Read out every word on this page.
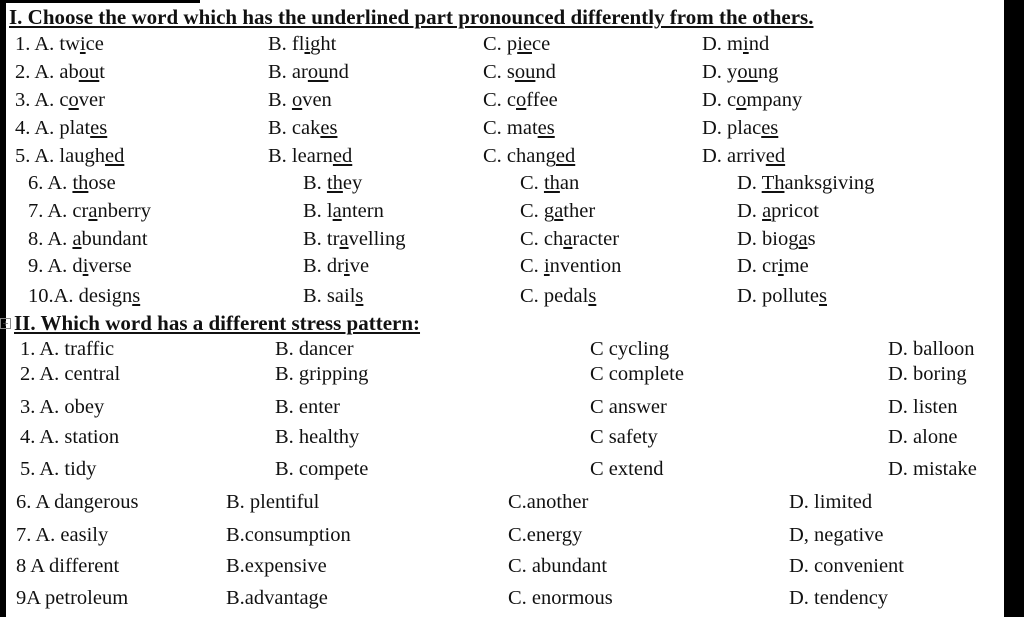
I. Choose the word which has the underlined part pronounced differently from the others.
1. A. twice	B. flight	C. piece	D. mind
2. A. about	B. around	C. sound	D. young
3. A. cover	B. oven	C. coffee	D. company
4. A. plates	B. cakes	C. mates	D. places
5. A. laughed	B. learned	C. changed	D. arrived
6. A. those	B. they	C. than	D. Thanksgiving
7. A. cranberry	B. lantern	C. gather	D. apricot
8. A. abundant	B. travelling	C. character	D. biogas
9. A. diverse	B. drive	C. invention	D. crime
10.A. designs	B. sails	C. pedals	D. pollutes
+ II. Which word has a different stress pattern:
1. A. traffic	B. dancer	C cycling	D. balloon
2. A. central	B. gripping	C complete	D. boring
3. A. obey	B. enter	C answer	D. listen
4. A. station	B. healthy	C safety	D. alone
5. A. tidy	B. compete	C extend	D. mistake
6. A dangerous	B. plentiful	C.another	D. limited
7. A. easily	B.consumption	C.energy	D, negative
8 A different	B.expensive	C. abundant	D. convenient
9A petroleum	B.advantage	C. enormous	D. tendency
